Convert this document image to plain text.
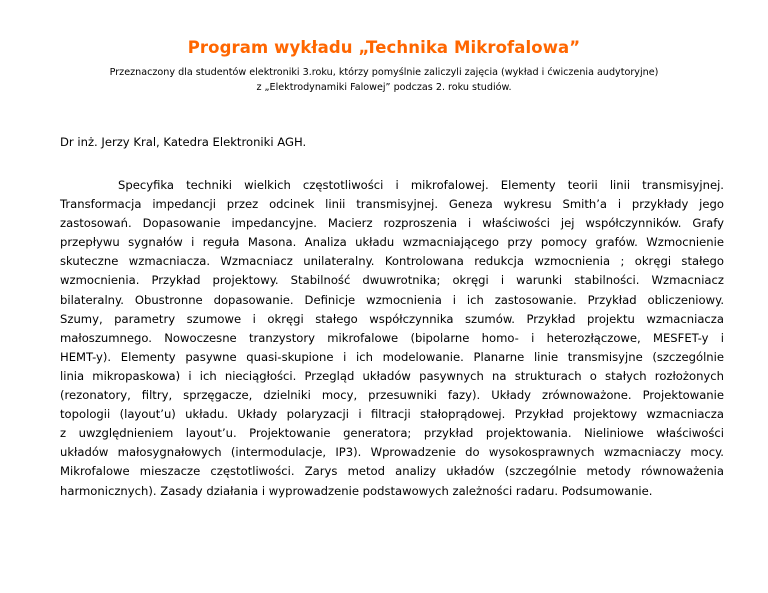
Program wykładu „Technika Mikrofalowa”
Przeznaczony dla studentów elektroniki 3.roku, którzy pomyślnie zaliczyli zajęcia (wykład i ćwiczenia audytoryjne)
z „Elektrodynamiki Falowej” podczas 2. roku studiów.
Dr inż. Jerzy Kral, Katedra Elektroniki AGH.
Specyfika techniki wielkich częstotliwości i mikrofalowej. Elementy teorii linii transmisyjnej.
Transformacja impedancji przez odcinek linii transmisyjnej. Geneza wykresu Smith’a i przykłady jego
zastosowań. Dopasowanie impedancyjne. Macierz rozproszenia i właściwości jej współczynników. Grafy
przepływu sygnałów i reguła Masona. Analiza układu wzmacniającego przy pomocy grafów. Wzmocnienie
skuteczne wzmacniacza. Wzmacniacz unilateralny. Kontrolowana redukcja wzmocnienia ; okręgi stałego
wzmocnienia. Przykład projektowy. Stabilność dwuwrotnika; okręgi i warunki stabilności. Wzmacniacz
bilateralny. Obustronne dopasowanie. Definicje wzmocnienia i ich zastosowanie. Przykład obliczeniowy.
Szumy, parametry szumowe i okręgi stałego współczynnika szumów. Przykład projektu wzmacniacza
małoszumnego. Nowoczesne tranzystory mikrofalowe (bipolarne homo- i heterozłączowe, MESFET-y i
HEMT-y). Elementy pasywne quasi-skupione i ich modelowanie. Planarne linie transmisyjne (szczególnie
linia mikropaskowa) i ich nieciągłości. Przegląd układów pasywnych na strukturach o stałych rozłożonych
(rezonatory, filtry, sprzęgacze, dzielniki mocy, przesuwniki fazy). Układy zrównoważone. Projektowanie
topologii (layout’u) układu. Układy polaryzacji i filtracji stałoprądowej. Przykład projektowy wzmacniacza
z uwzględnieniem layout’u. Projektowanie generatora; przykład projektowania. Nieliniowe właściwości
układów małosygnałowych (intermodulacje, IP3). Wprowadzenie do wysokosprawnych wzmacniaczy mocy.
Mikrofalowe mieszacze częstotliwości. Zarys metod analizy układów (szczególnie metody równoważenia
harmonicznych). Zasady działania i wyprowadzenie podstawowych zależności radaru. Podsumowanie.
